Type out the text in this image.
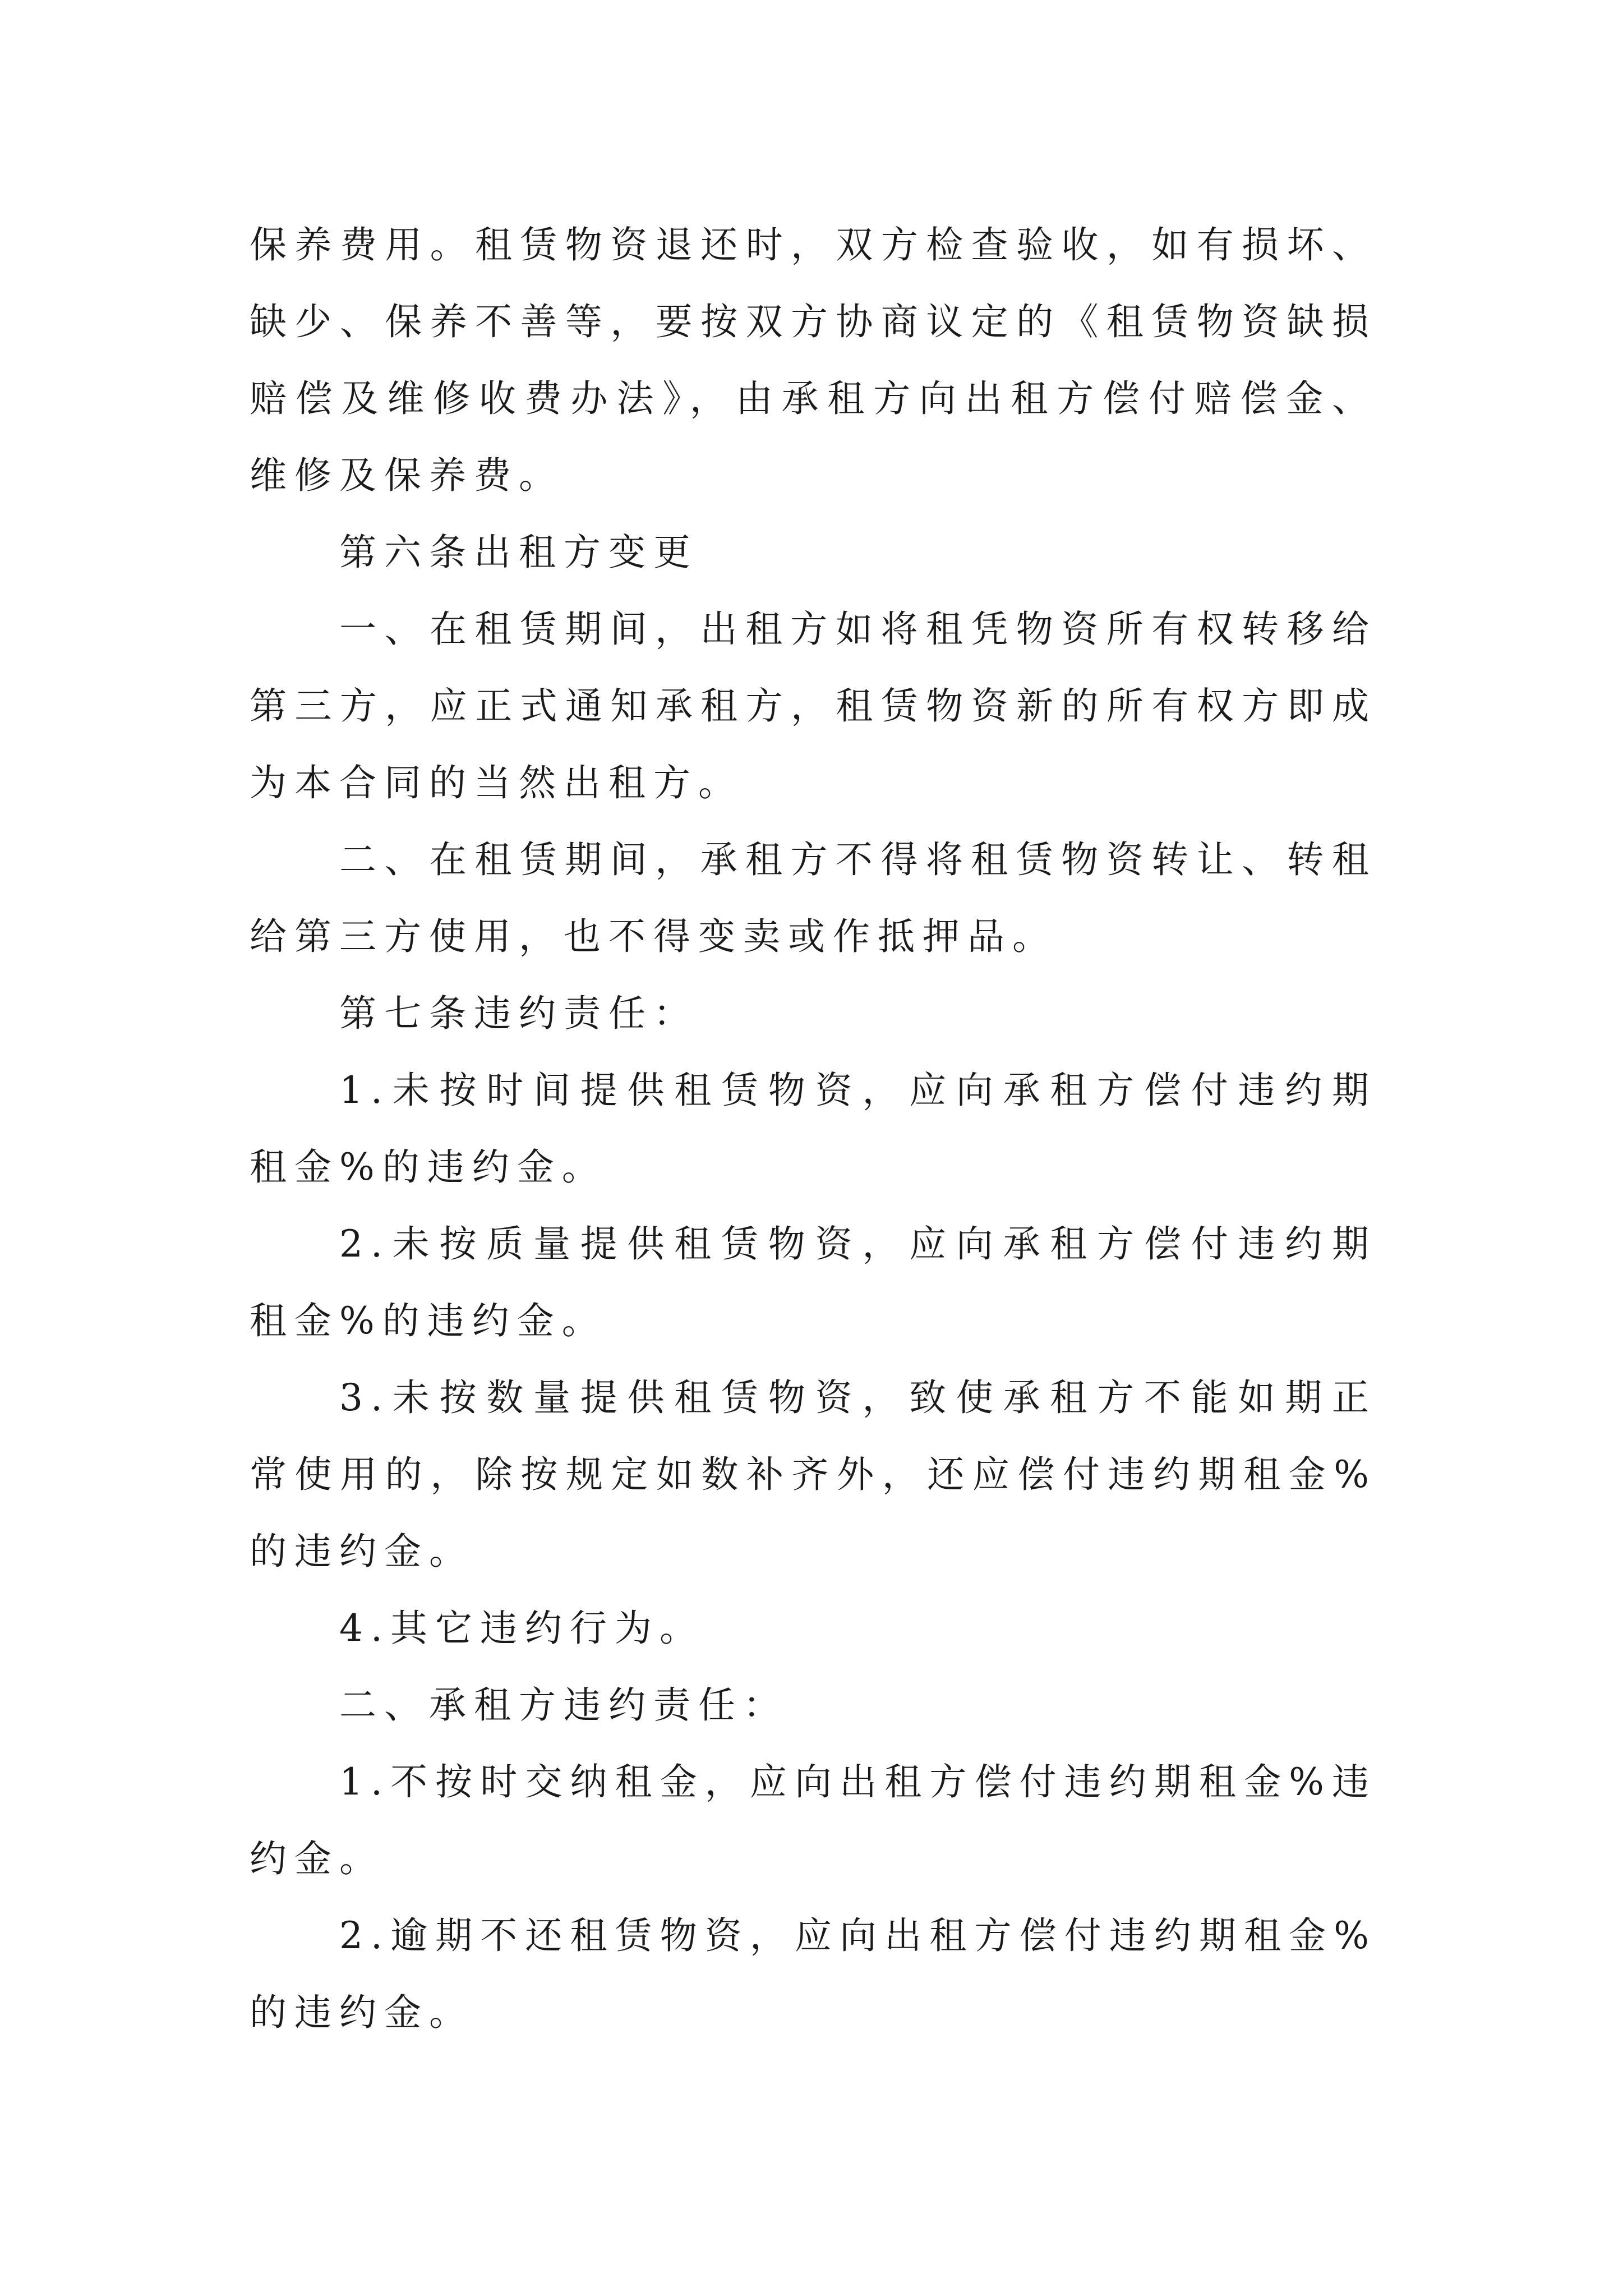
保养费用。租赁物资退还时，双方检查验收，如有损坏、缺少、保养不善等，要按双方协商议定的《租赁物资缺损赔偿及维修收费办法》，由承租方向出租方偿付赔偿金、维修及保养费。

第六条出租方变更

一、在租赁期间，出租方如将租凭物资所有权转移给第三方，应正式通知承租方，租赁物资新的所有权方即成为本合同的当然出租方。

二、在租赁期间，承租方不得将租赁物资转让、转租给第三方使用，也不得变卖或作抵押品。

第七条违约责任：

1.未按时间提供租赁物资，应向承租方偿付违约期租金%的违约金。

2.未按质量提供租赁物资，应向承租方偿付违约期租金%的违约金。

3.未按数量提供租赁物资，致使承租方不能如期正常使用的，除按规定如数补齐外，还应偿付违约期租金%的违约金。

4.其它违约行为。

二、承租方违约责任：

1.不按时交纳租金，应向出租方偿付违约期租金%违约金。

2.逾期不还租赁物资，应向出租方偿付违约期租金%的违约金。
